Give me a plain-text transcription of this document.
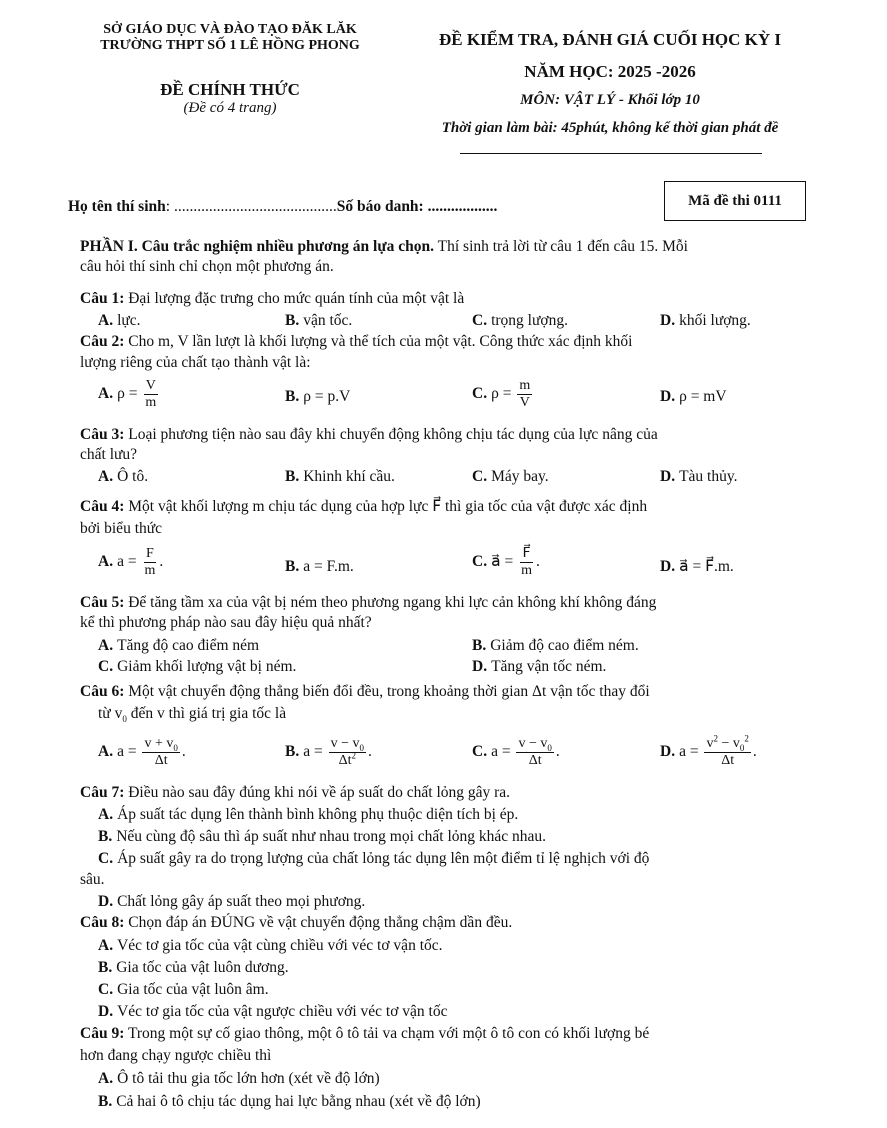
SỞ GIÁO DỤC VÀ ĐÀO TẠO ĐĂK LĂK
TRƯỜNG THPT SỐ 1 LÊ HỒNG PHONG
ĐỀ CHÍNH THỨC
(Đề có 4 trang)
ĐỀ KIỂM TRA, ĐÁNH GIÁ CUỐI HỌC KỲ I
NĂM HỌC: 2025 -2026
MÔN: VẬT LÝ - Khối lớp 10
Thời gian làm bài: 45phút, không kể thời gian phát đề
Họ tên thí sinh: ..........................................Số báo danh: ..................	Mã đề thi 0111
PHẦN I. Câu trắc nghiệm nhiều phương án lựa chọn. Thí sinh trả lời từ câu 1 đến câu 15. Mỗi
câu hỏi thí sinh chỉ chọn một phương án.
Câu 1: Đại lượng đặc trưng cho mức quán tính của một vật là
A. lực.	B. vận tốc.	C. trọng lượng.	D. khối lượng.
Câu 2: Cho m, V lần lượt là khối lượng và thể tích của một vật. Công thức xác định khối
lượng riêng của chất tạo thành vật là:
A. $\rho = \frac{V}{m}$	B. ρ = p.V	C. $\rho = \frac{m}{V}$	D. ρ = mV
Câu 3: Loại phương tiện nào sau đây khi chuyển động không chịu tác dụng của lực nâng của
chất lưu?
A. Ô tô.	B. Khinh khí cầu.	C. Máy bay.	D. Tàu thủy.
Câu 4: Một vật khối lượng m chịu tác dụng của hợp lực F⃗ thì gia tốc của vật được xác định
bởi biểu thức
A. $a = \frac{F}{m}$ .	B. a = F.m.	C. a⃗ = $\frac{F⃗}{m}$ .	D. a⃗ = F⃗.m.
Câu 5: Để tăng tầm xa của vật bị ném theo phương ngang khi lực cản không khí không đáng
kể thì phương pháp nào sau đây hiệu quả nhất?
A. Tăng độ cao điểm ném	B. Giảm độ cao điểm ném.
C. Giảm khối lượng vật bị ném.	D. Tăng vận tốc ném.
Câu 6: Một vật chuyển động thẳng biến đổi đều, trong khoảng thời gian Δt vận tốc thay đổi
từ $v_0$ đến v thì giá trị gia tốc là
A. $a = \frac{v + v_0}{\Delta t}$ .	B. $a = \frac{v - v_0}{\Delta t^2}$ .	C. $a = \frac{v - v_0}{\Delta t}$ .	D. $a = \frac{v^2 - v_0^2}{\Delta t}$ .
Câu 7: Điều nào sau đây đúng khi nói về áp suất do chất lỏng gây ra.
A. Áp suất tác dụng lên thành bình không phụ thuộc diện tích bị ép.
B. Nếu cùng độ sâu thì áp suất như nhau trong mọi chất lỏng khác nhau.
C. Áp suất gây ra do trọng lượng của chất lỏng tác dụng lên một điểm tỉ lệ nghịch với độ
sâu.
D. Chất lỏng gây áp suất theo mọi phương.
Câu 8: Chọn đáp án ĐÚNG về vật chuyển động thẳng chậm dần đều.
A. Véc tơ gia tốc của vật cùng chiều với véc tơ vận tốc.
B. Gia tốc của vật luôn dương.
C. Gia tốc của vật luôn âm.
D. Véc tơ gia tốc của vật ngược chiều với véc tơ vận tốc
Câu 9: Trong một sự cố giao thông, một ô tô tải va chạm với một ô tô con có khối lượng bé
hơn đang chạy ngược chiều thì
A. Ô tô tải thu gia tốc lớn hơn (xét về độ lớn)
B. Cả hai ô tô chịu tác dụng hai lực bằng nhau (xét về độ lớn)
